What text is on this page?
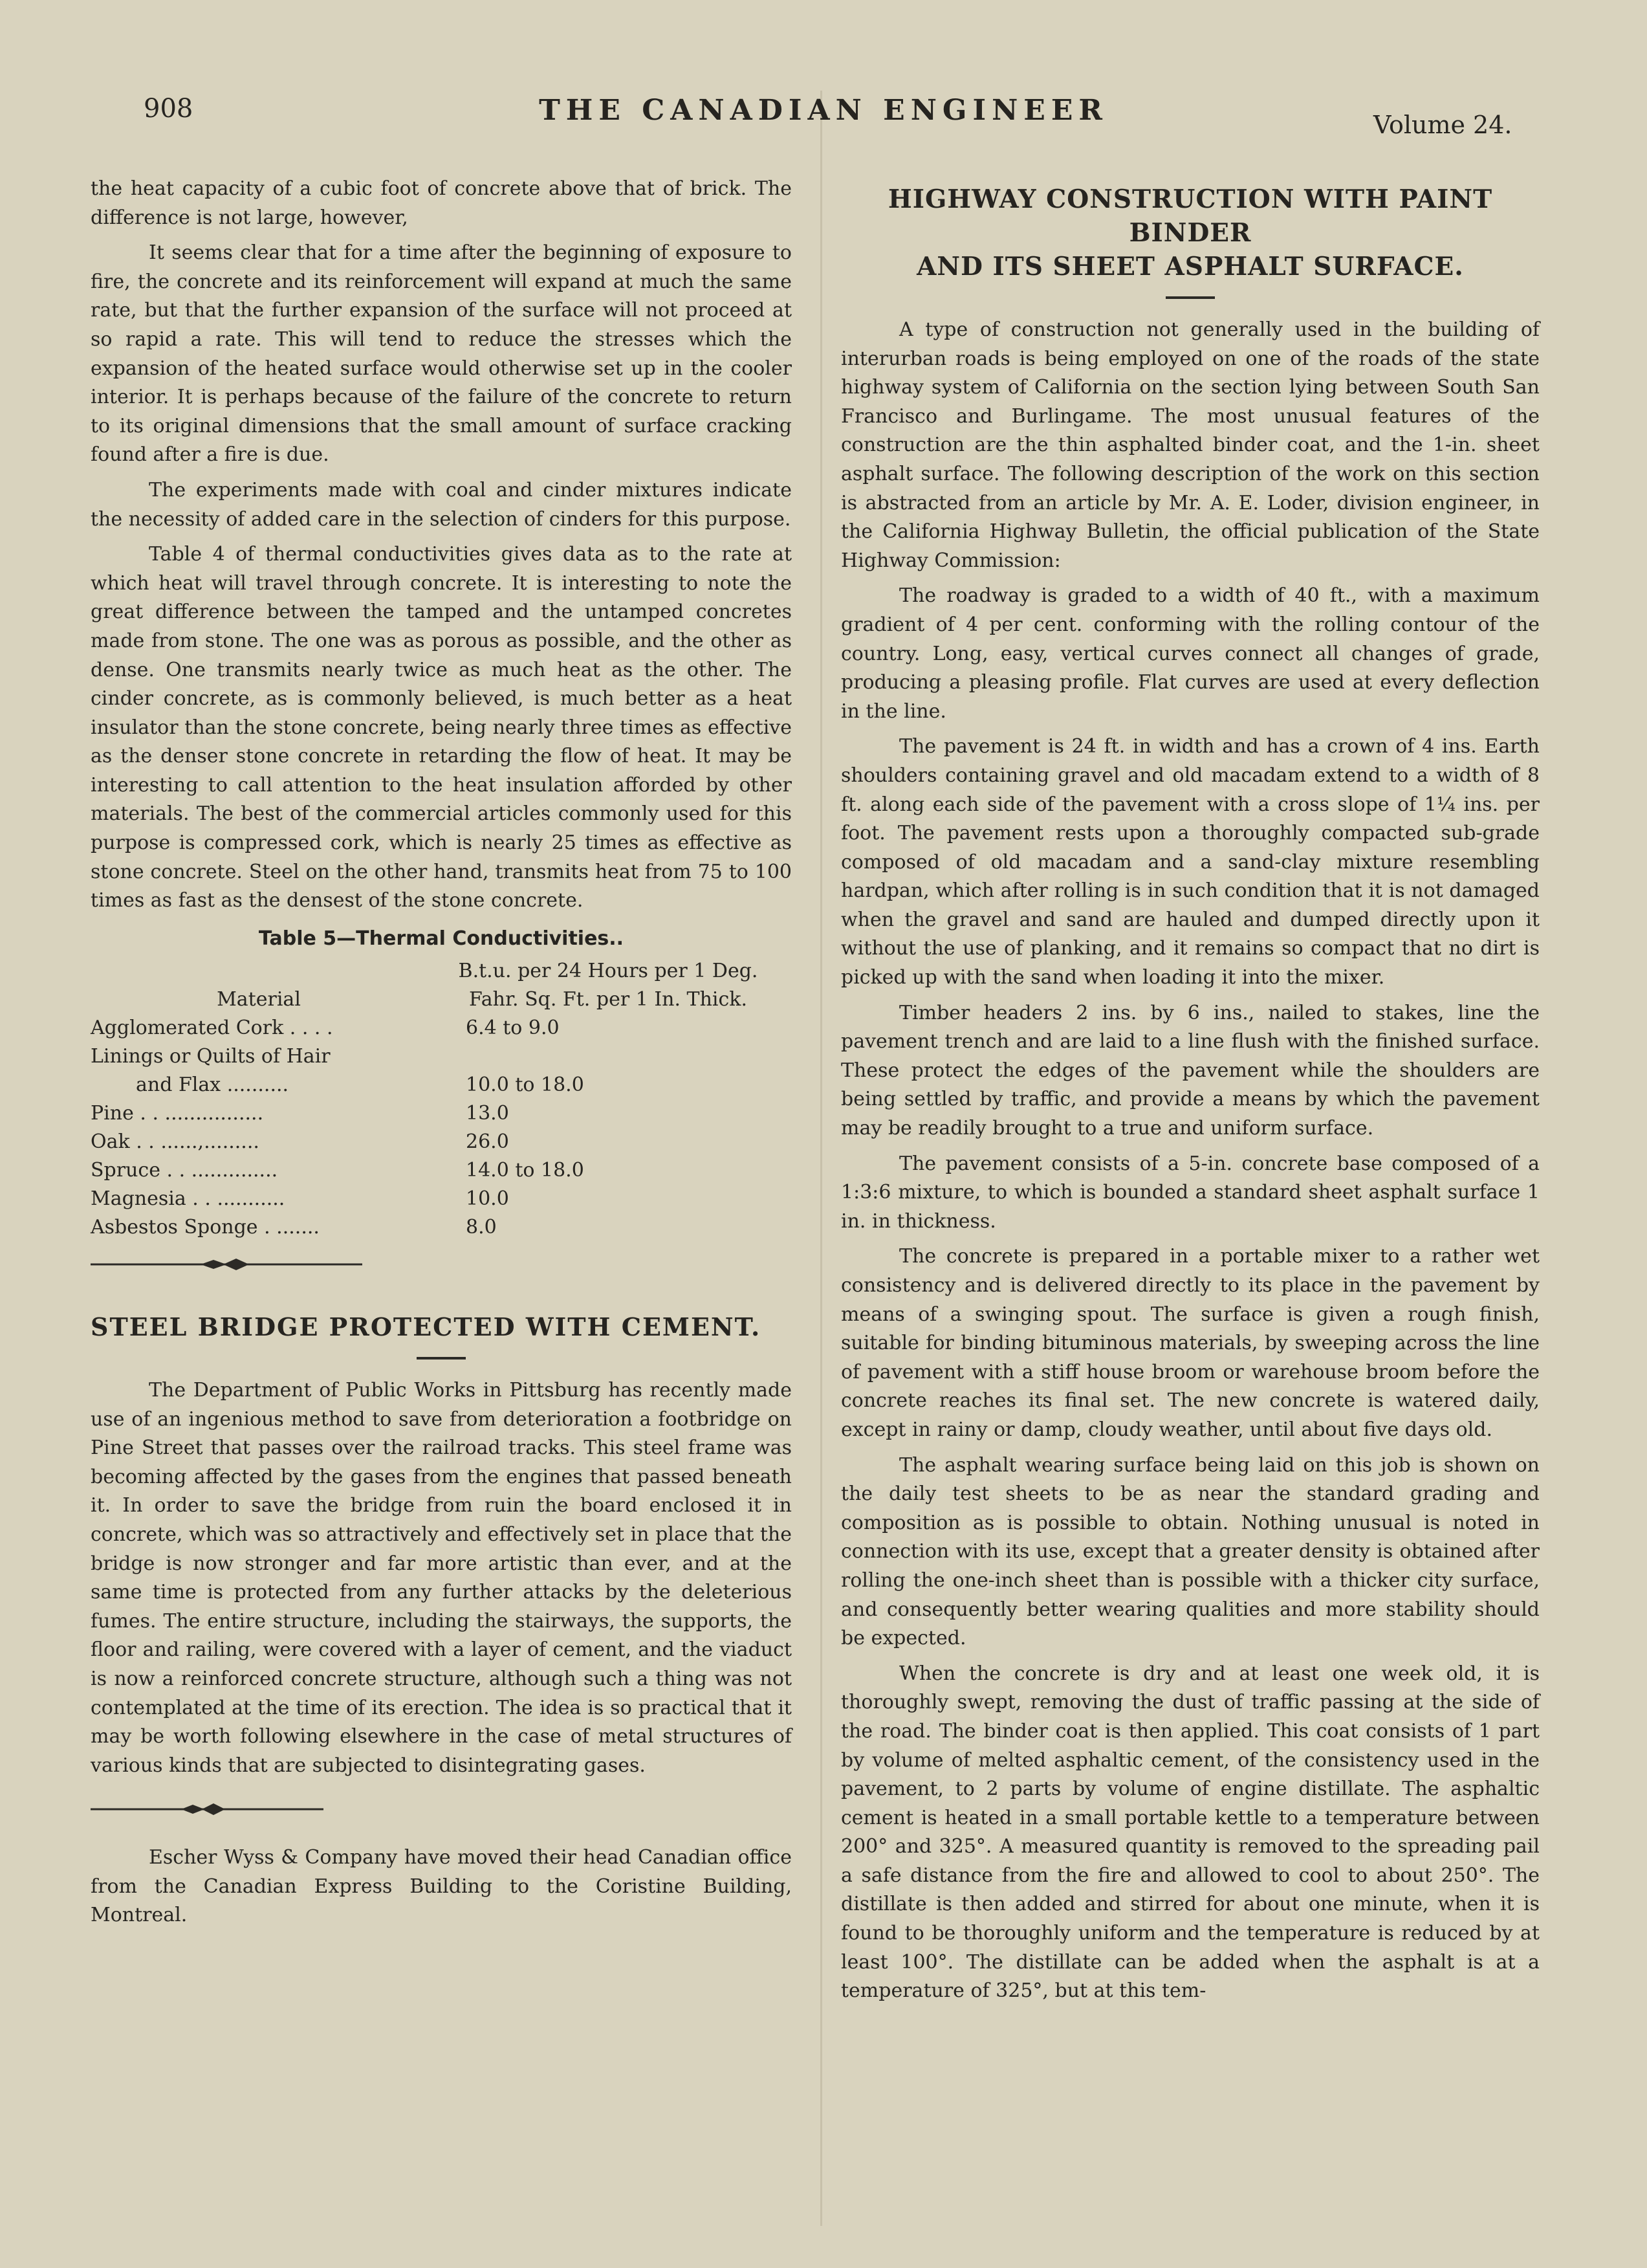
908	THE CANADIAN ENGINEER	Volume 24.

the heat capacity of a cubic foot of concrete above that of brick. The difference is not large, however,

It seems clear that for a time after the beginning of exposure to fire, the concrete and its reinforcement will expand at much the same rate, but that the further expansion of the surface will not proceed at so rapid a rate. This will tend to reduce the stresses which the expansion of the heated surface would otherwise set up in the cooler interior. It is perhaps because of the failure of the concrete to return to its original dimensions that the small amount of surface cracking found after a fire is due.

The experiments made with coal and cinder mixtures indicate the necessity of added care in the selection of cinders for this purpose.

Table 4 of thermal conductivities gives data as to the rate at which heat will travel through concrete. It is interesting to note the great difference between the tamped and the untamped concretes made from stone. The one was as porous as possible, and the other as dense. One transmits nearly twice as much heat as the other. The cinder concrete, as is commonly believed, is much better as a heat insulator than the stone concrete, being nearly three times as effective as the denser stone concrete in retarding the flow of heat. It may be interesting to call attention to the heat insulation afforded by other materials. The best of the commercial articles commonly used for this purpose is compressed cork, which is nearly 25 times as effective as stone concrete. Steel on the other hand, transmits heat from 75 to 100 times as fast as the densest of the stone concrete.

Table 5—Thermal Conductivities..
Material
B.t.u. per 24 Hours per 1 Deg.
Fahr. Sq. Ft. per 1 In. Thick.
Agglomerated Cork . . . .	6.4 to 9.0
Linings or Quilts of Hair
and Flax ..........	10.0 to 18.0
Pine . . ................	13.0
Oak . . ......,.........	26.0
Spruce . . ..............	14.0 to 18.0
Magnesia . . ...........	10.0
Asbestos Sponge . .......	8.0
STEEL BRIDGE PROTECTED WITH CEMENT.

The Department of Public Works in Pittsburg has recently made use of an ingenious method to save from deterioration a footbridge on Pine Street that passes over the railroad tracks. This steel frame was becoming affected by the gases from the engines that passed beneath it. In order to save the bridge from ruin the board enclosed it in concrete, which was so attractively and effectively set in place that the bridge is now stronger and far more artistic than ever, and at the same time is protected from any further attacks by the deleterious fumes. The entire structure, including the stairways, the supports, the floor and railing, were covered with a layer of cement, and the viaduct is now a reinforced concrete structure, although such a thing was not contemplated at the time of its erection. The idea is so practical that it may be worth following elsewhere in the case of metal structures of various kinds that are subjected to disintegrating gases.

Escher Wyss & Company have moved their head Canadian office from the Canadian Express Building to the Coristine Building, Montreal.

HIGHWAY CONSTRUCTION WITH PAINT BINDER
AND ITS SHEET ASPHALT SURFACE.

A type of construction not generally used in the building of interurban roads is being employed on one of the roads of the state highway system of California on the section lying between South San Francisco and Burlingame. The most unusual features of the construction are the thin asphalted binder coat, and the 1-in. sheet asphalt surface. The following description of the work on this section is abstracted from an article by Mr. A. E. Loder, division engineer, in the California Highway Bulletin, the official publication of the State Highway Commission:

The roadway is graded to a width of 40 ft., with a maximum gradient of 4 per cent. conforming with the rolling contour of the country. Long, easy, vertical curves connect all changes of grade, producing a pleasing profile. Flat curves are used at every deflection in the line.

The pavement is 24 ft. in width and has a crown of 4 ins. Earth shoulders containing gravel and old macadam extend to a width of 8 ft. along each side of the pavement with a cross slope of 1¼ ins. per foot. The pavement rests upon a thoroughly compacted sub-grade composed of old macadam and a sand-clay mixture resembling hardpan, which after rolling is in such condition that it is not damaged when the gravel and sand are hauled and dumped directly upon it without the use of planking, and it remains so compact that no dirt is picked up with the sand when loading it into the mixer.

Timber headers 2 ins. by 6 ins., nailed to stakes, line the pavement trench and are laid to a line flush with the finished surface. These protect the edges of the pavement while the shoulders are being settled by traffic, and provide a means by which the pavement may be readily brought to a true and uniform surface.

The pavement consists of a 5-in. concrete base composed of a 1:3:6 mixture, to which is bounded a standard sheet asphalt surface 1 in. in thickness.

The concrete is prepared in a portable mixer to a rather wet consistency and is delivered directly to its place in the pavement by means of a swinging spout. The surface is given a rough finish, suitable for binding bituminous materials, by sweeping across the line of pavement with a stiff house broom or warehouse broom before the concrete reaches its final set. The new concrete is watered daily, except in rainy or damp, cloudy weather, until about five days old.

The asphalt wearing surface being laid on this job is shown on the daily test sheets to be as near the standard grading and composition as is possible to obtain. Nothing unusual is noted in connection with its use, except that a greater density is obtained after rolling the one-inch sheet than is possible with a thicker city surface, and consequently better wearing qualities and more stability should be expected.

When the concrete is dry and at least one week old, it is thoroughly swept, removing the dust of traffic passing at the side of the road. The binder coat is then applied. This coat consists of 1 part by volume of melted asphaltic cement, of the consistency used in the pavement, to 2 parts by volume of engine distillate. The asphaltic cement is heated in a small portable kettle to a temperature between 200° and 325°. A measured quantity is removed to the spreading pail a safe distance from the fire and allowed to cool to about 250°. The distillate is then added and stirred for about one minute, when it is found to be thoroughly uniform and the temperature is reduced by at least 100°. The distillate can be added when the asphalt is at a temperature of 325°, but at this tem-
